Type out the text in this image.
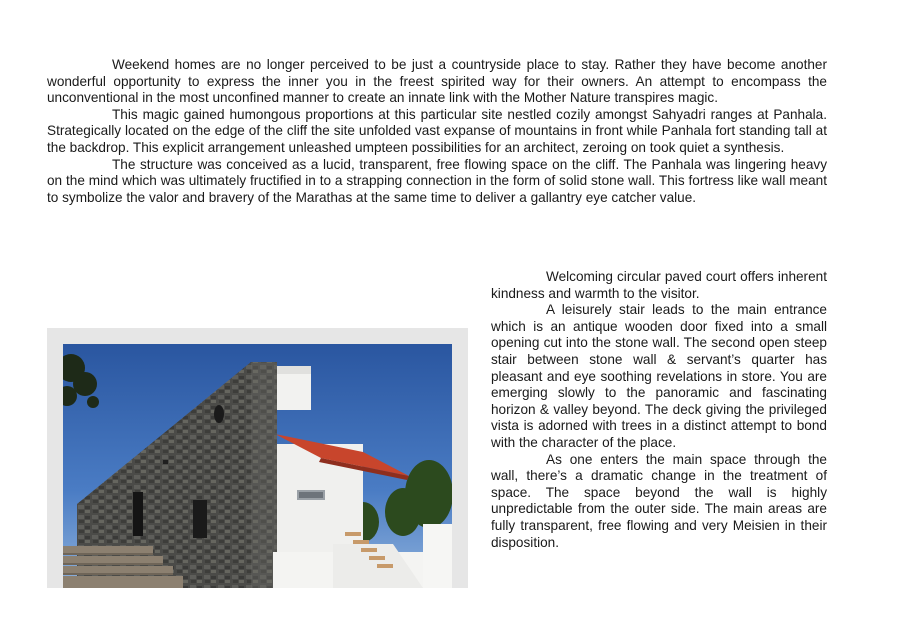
Weekend homes are no longer perceived to be just a countryside place to stay. Rather they have become another wonderful opportunity to express the inner you in the freest spirited way for their owners. An attempt to encompass the unconventional in the most unconfined manner to create an innate link with the Mother Nature transpires magic.

This magic gained humongous proportions at this particular site nestled cozily amongst Sahyadri ranges at Panhala. Strategically located on the edge of the cliff the site unfolded vast expanse of mountains in front while Panhala fort standing tall at the backdrop. This explicit arrangement unleashed umpteen possibilities for an architect, zeroing on took quiet a synthesis.

The structure was conceived as a lucid, transparent, free flowing space on the cliff. The Panhala was lingering heavy on the mind which was ultimately fructified in to a strapping connection in the form of solid stone wall. This fortress like wall meant to symbolize the valor and bravery of the Marathas at the same time to deliver a gallantry eye catcher value.

Welcoming circular paved court offers inherent kindness and warmth to the visitor.

A leisurely stair leads to the main entrance which is an antique wooden door fixed into a small opening cut into the stone wall. The second open steep stair between stone wall & servant’s quarter has pleasant and eye soothing revelations in store. You are emerging slowly to the panoramic and fascinating horizon & valley beyond. The deck giving the privileged vista is adorned with trees in a distinct attempt to bond with the character of the place.

As one enters the main space through the wall, there’s a dramatic change in the treatment of space. The space beyond the wall is highly unpredictable from the outer side. The main areas are fully transparent, free flowing and very Meisien in their disposition.
